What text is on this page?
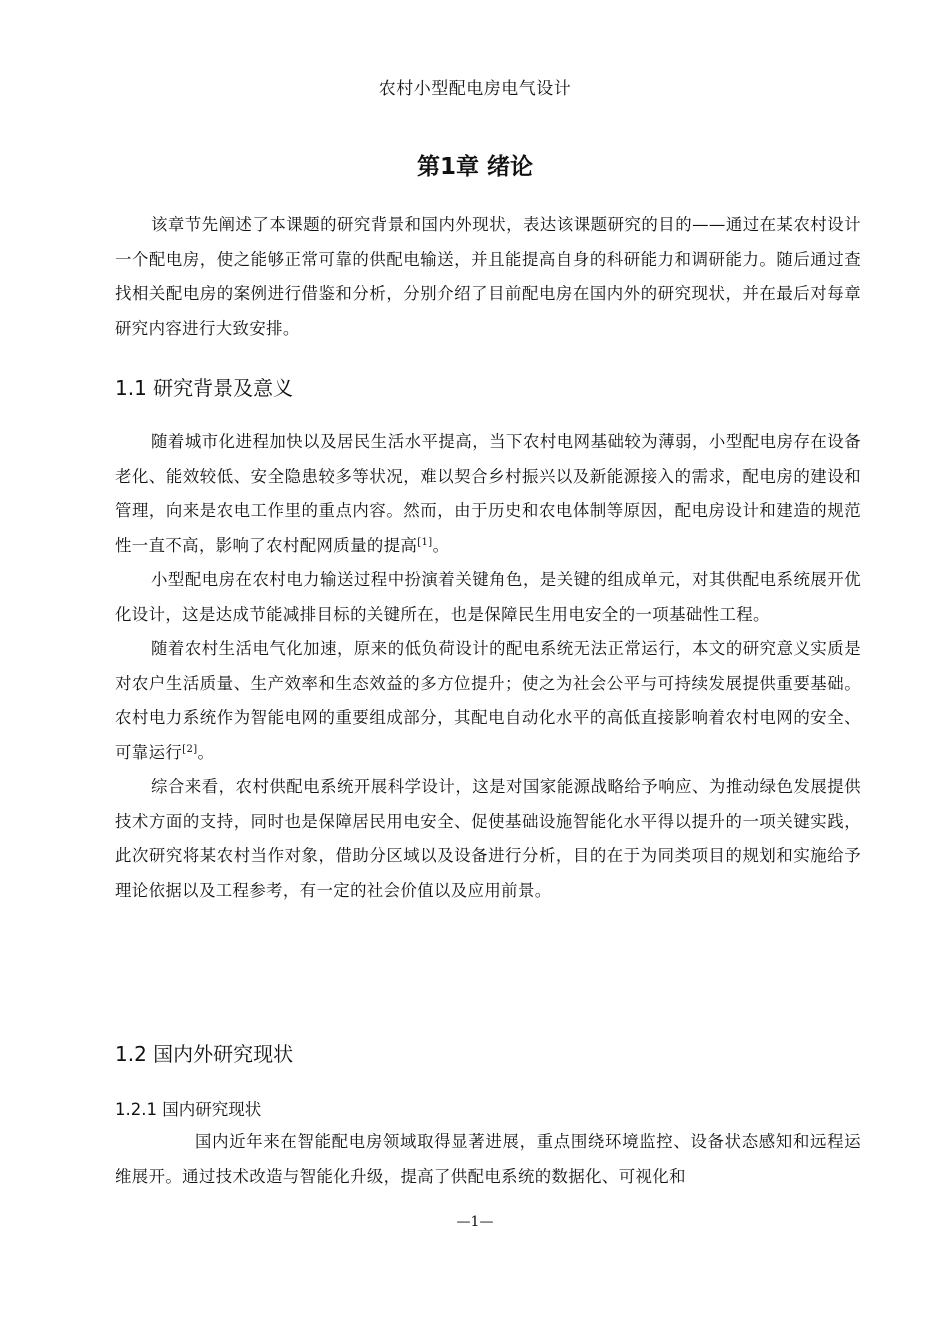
农村小型配电房电气设计
第1章 绪论

该章节先阐述了本课题的研究背景和国内外现状，表达该课题研究的目的——通过在某农村设计一个配电房，使之能够正常可靠的供配电输送，并且能提高自身的科研能力和调研能力。随后通过查找相关配电房的案例进行借鉴和分析，分别介绍了目前配电房在国内外的研究现状，并在最后对每章研究内容进行大致安排。

1.1 研究背景及意义

随着城市化进程加快以及居民生活水平提高，当下农村电网基础较为薄弱，小型配电房存在设备老化、能效较低、安全隐患较多等状况，难以契合乡村振兴以及新能源接入的需求，配电房的建设和管理，向来是农电工作里的重点内容。然而，由于历史和农电体制等原因，配电房设计和建造的规范性一直不高，影响了农村配网质量的提高[1]。

小型配电房在农村电力输送过程中扮演着关键角色，是关键的组成单元，对其供配电系统展开优化设计，这是达成节能减排目标的关键所在，也是保障民生用电安全的一项基础性工程。

随着农村生活电气化加速，原来的低负荷设计的配电系统无法正常运行，本文的研究意义实质是对农户生活质量、生产效率和生态效益的多方位提升；使之为社会公平与可持续发展提供重要基础。农村电力系统作为智能电网的重要组成部分，其配电自动化水平的高低直接影响着农村电网的安全、可靠运行[2]。

综合来看，农村供配电系统开展科学设计，这是对国家能源战略给予响应、为推动绿色发展提供技术方面的支持，同时也是保障居民用电安全、促使基础设施智能化水平得以提升的一项关键实践，此次研究将某农村当作对象，借助分区域以及设备进行分析，目的在于为同类项目的规划和实施给予理论依据以及工程参考，有一定的社会价值以及应用前景。

1.2 国内外研究现状
1.2.1 国内研究现状

国内近年来在智能配电房领域取得显著进展，重点围绕环境监控、设备状态感知和远程运维展开。通过技术改造与智能化升级，提高了供配电系统的数据化、可视化和

—1—
